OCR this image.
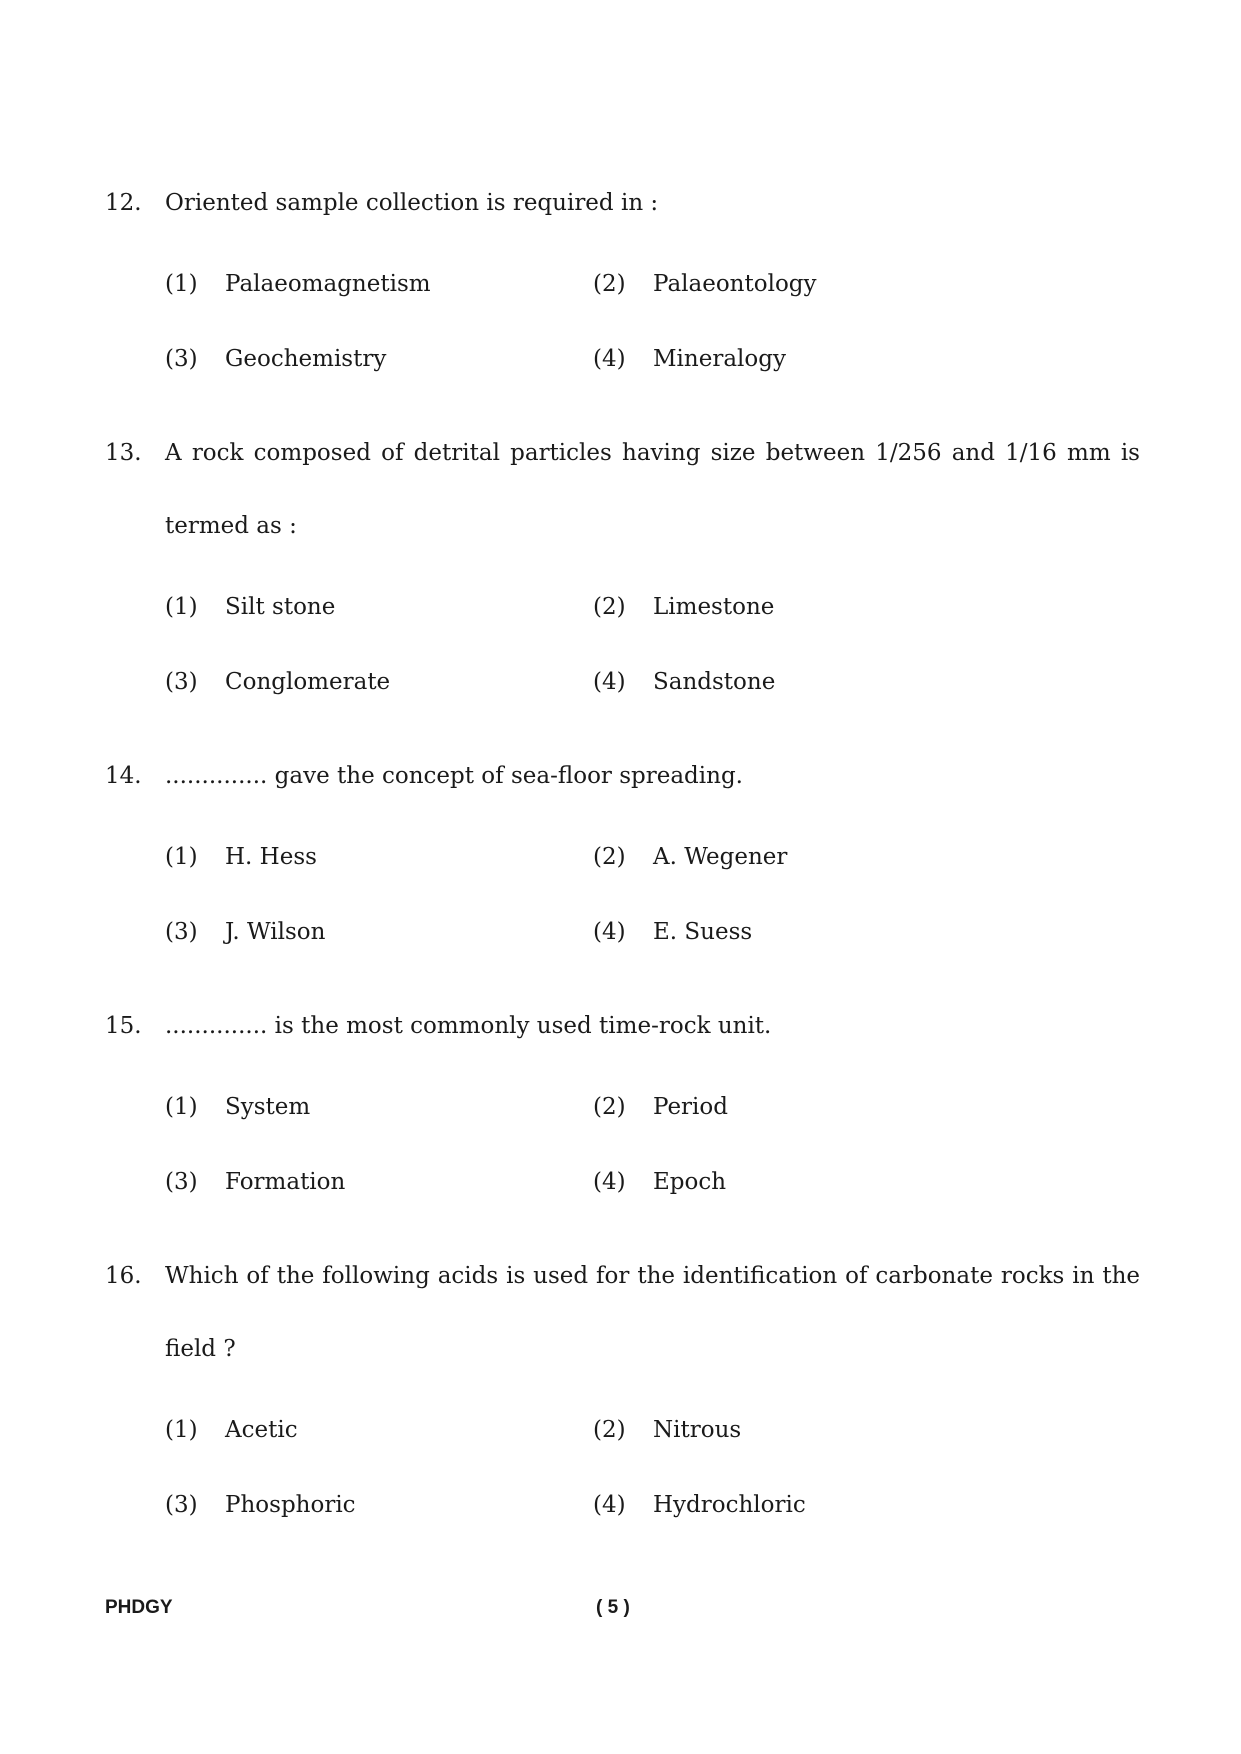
12. Oriented sample collection is required in :
(1) Palaeomagnetism	(2) Palaeontology
(3) Geochemistry	(4) Mineralogy
13. A rock composed of detrital particles having size between 1/256 and 1/16 mm is
termed as :
(1) Silt stone	(2) Limestone
(3) Conglomerate	(4) Sandstone
14. .............. gave the concept of sea-floor spreading.
(1) H. Hess	(2) A. Wegener
(3) J. Wilson	(4) E. Suess
15. .............. is the most commonly used time-rock unit.
(1) System	(2) Period
(3) Formation	(4) Epoch
16. Which of the following acids is used for the identification of carbonate rocks in the
field ?
(1) Acetic	(2) Nitrous
(3) Phosphoric	(4) Hydrochloric
PHDGY	( 5 )
